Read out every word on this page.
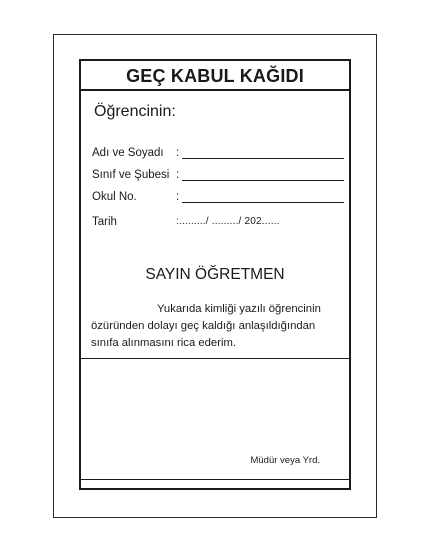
GEÇ KABUL KAĞIDI
Öğrencinin:
Adı ve Soyadı :
Sınıf ve Şubesi :
Okul No.	:
Tarih	:........./ ........./ 202......
SAYIN ÖĞRETMEN
Yukarıda kimliği yazılı öğrencinin
özüründen dolayı geç kaldığı anlaşıldığından sınıfa alınmasını rica ederim.
Müdür veya Yrd.
